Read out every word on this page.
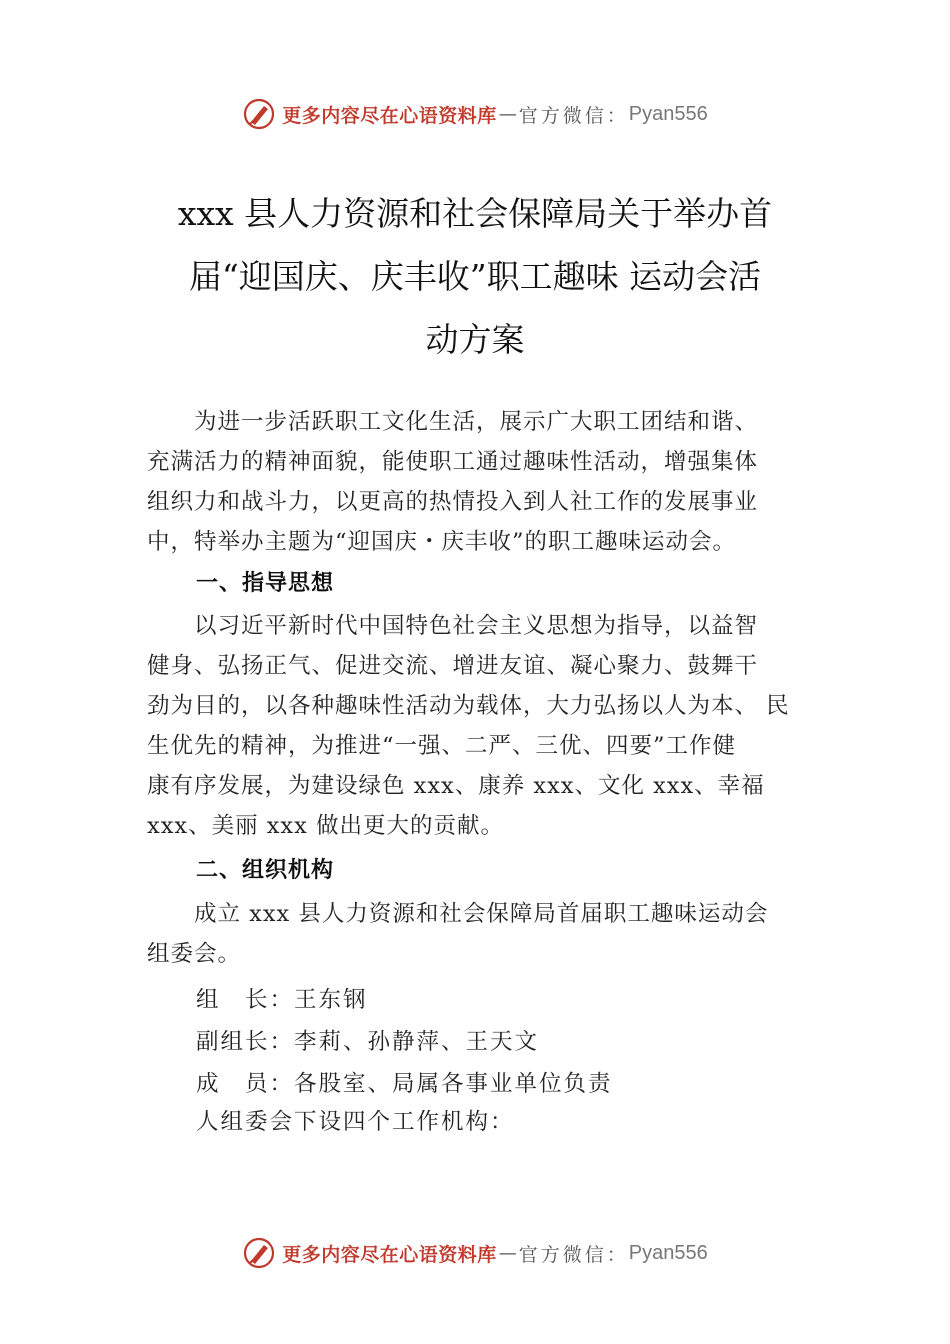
更多内容尽在心语资料库 — 官方微信： Pyan556
xxx 县人力资源和社会保障局关于举办首
届“迎国庆、庆丰收”职工趣味 运动会活
动方案
　　为进一步活跃职工文化生活，展示广大职工团结和谐、
充满活力的精神面貌，能使职工通过趣味性活动，增强集体
组织力和战斗力，以更高的热情投入到人社工作的发展事业
中，特举办主题为“迎国庆・庆丰收”的职工趣味运动会。
一、指导思想
　　以习近平新时代中国特色社会主义思想为指导，以益智
健身、弘扬正气、促进交流、增进友谊、凝心聚力、鼓舞干
劲为目的，以各种趣味性活动为载体，大力弘扬以人为本、 民
生优先的精神，为推进“一强、二严、三优、四要”工作健
康有序发展，为建设绿色 xxx、康养 xxx、文化 xxx、幸福
xxx、美丽 xxx 做出更大的贡献。
二、组织机构
　　成立 xxx 县人力资源和社会保障局首届职工趣味运动会
组委会。
组　长：王东钢
副组长：李莉、孙静萍、王天文
成　员：各股室、局属各事业单位负责
人组委会下设四个工作机构：
更多内容尽在心语资料库 — 官方微信： Pyan556
